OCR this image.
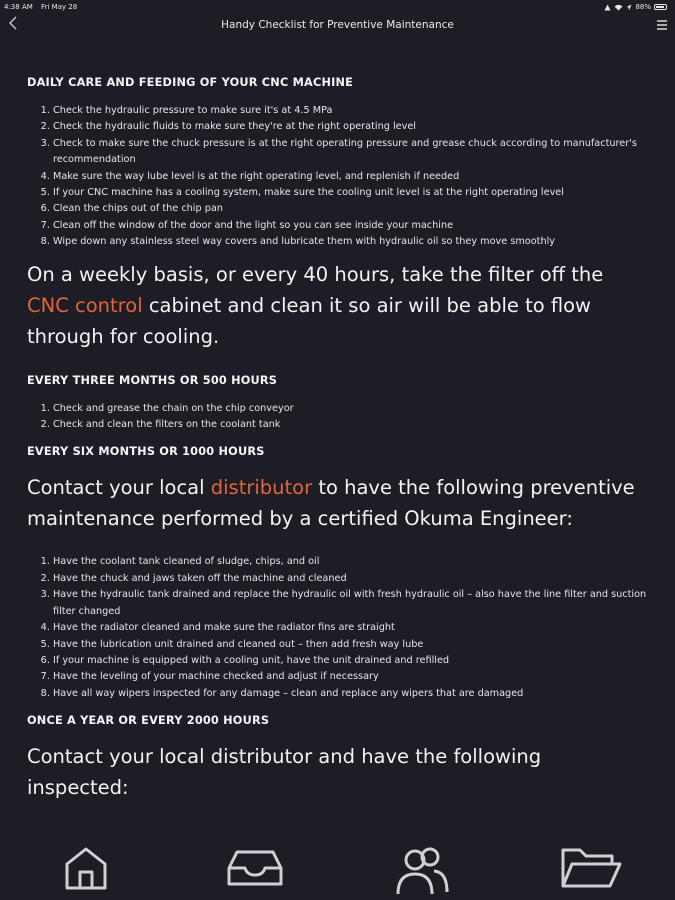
4:38 AM Fri May 28	88%
Handy Checklist for Preventive Maintenance
DAILY CARE AND FEEDING OF YOUR CNC MACHINE
1. Check the hydraulic pressure to make sure it's at 4.5 MPa
2. Check the hydraulic fluids to make sure they're at the right operating level
3. Check to make sure the chuck pressure is at the right operating pressure and grease chuck according to manufacturer's recommendation
4. Make sure the way lube level is at the right operating level, and replenish if needed
5. If your CNC machine has a cooling system, make sure the cooling unit level is at the right operating level
6. Clean the chips out of the chip pan
7. Clean off the window of the door and the light so you can see inside your machine
8. Wipe down any stainless steel way covers and lubricate them with hydraulic oil so they move smoothly

On a weekly basis, or every 40 hours, take the filter off the CNC control cabinet and clean it so air will be able to flow through for cooling.

EVERY THREE MONTHS OR 500 HOURS
1. Check and grease the chain on the chip conveyor
2. Check and clean the filters on the coolant tank
EVERY SIX MONTHS OR 1000 HOURS

Contact your local distributor to have the following preventive maintenance performed by a certified Okuma Engineer:

1. Have the coolant tank cleaned of sludge, chips, and oil
2. Have the chuck and jaws taken off the machine and cleaned
3. Have the hydraulic tank drained and replace the hydraulic oil with fresh hydraulic oil – also have the line filter and suction filter changed
4. Have the radiator cleaned and make sure the radiator fins are straight
5. Have the lubrication unit drained and cleaned out – then add fresh way lube
6. If your machine is equipped with a cooling unit, have the unit drained and refilled
7. Have the leveling of your machine checked and adjust if necessary
8. Have all way wipers inspected for any damage – clean and replace any wipers that are damaged
ONCE A YEAR OR EVERY 2000 HOURS

Contact your local distributor and have the following inspected:
